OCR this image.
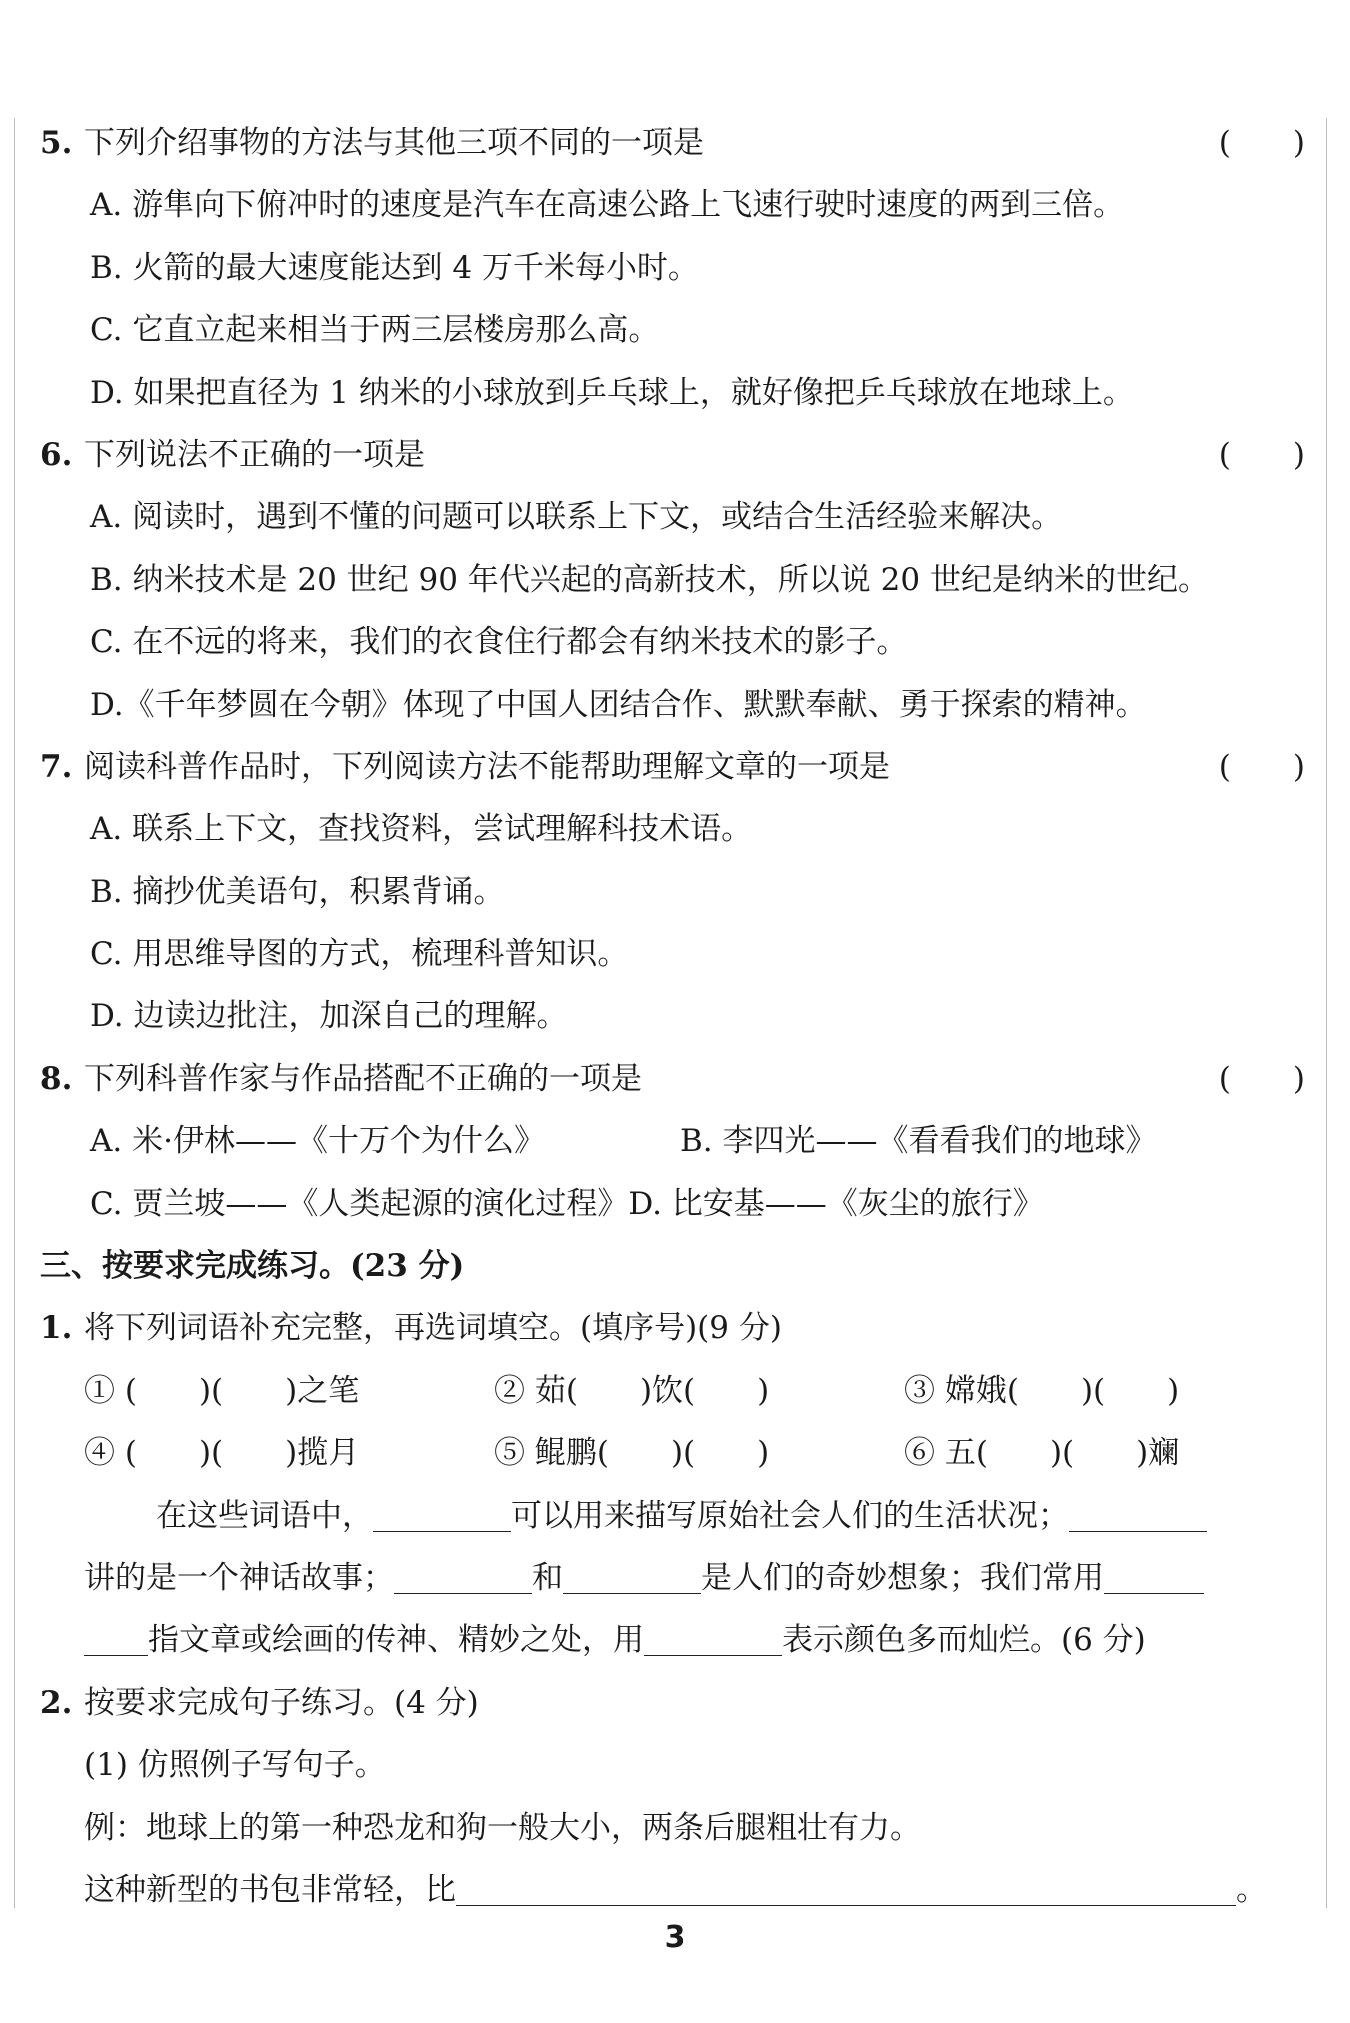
5. 下列介绍事物的方法与其他三项不同的一项是	(　　)
A. 游隼向下俯冲时的速度是汽车在高速公路上飞速行驶时速度的两到三倍。
B. 火箭的最大速度能达到 4 万千米每小时。
C. 它直立起来相当于两三层楼房那么高。
D. 如果把直径为 1 纳米的小球放到乒乓球上，就好像把乒乓球放在地球上。
6. 下列说法不正确的一项是	(　　)
A. 阅读时，遇到不懂的问题可以联系上下文，或结合生活经验来解决。
B. 纳米技术是 20 世纪 90 年代兴起的高新技术，所以说 20 世纪是纳米的世纪。
C. 在不远的将来，我们的衣食住行都会有纳米技术的影子。
D.《千年梦圆在今朝》体现了中国人团结合作、默默奉献、勇于探索的精神。
7. 阅读科普作品时，下列阅读方法不能帮助理解文章的一项是	(　　)
A. 联系上下文，查找资料，尝试理解科技术语。
B. 摘抄优美语句，积累背诵。
C. 用思维导图的方式，梳理科普知识。
D. 边读边批注，加深自己的理解。
8. 下列科普作家与作品搭配不正确的一项是	(　　)
A. 米·伊林——《十万个为什么》	B. 李四光——《看看我们的地球》
C. 贾兰坡——《人类起源的演化过程》D. 比安基——《灰尘的旅行》
三、按要求完成练习。(23 分)
1. 将下列词语补充完整，再选词填空。(填序号)(9 分)
① (　　)(　　)之笔	② 茹(　　)饮(　　)	③ 嫦娥(　　)(　　)
④ (　　)(　　)揽月	⑤ 鲲鹏(　　)(　　)	⑥ 五(　　)(　　)斓
在这些词语中，	可以用来描写原始社会人们的生活状况；
讲的是一个神话故事；	和	是人们的奇妙想象；我们常用
指文章或绘画的传神、精妙之处，用	表示颜色多而灿烂。(6 分)
2. 按要求完成句子练习。(4 分)
(1) 仿照例子写句子。
例：地球上的第一种恐龙和狗一般大小，两条后腿粗壮有力。
这种新型的书包非常轻，比	。
3
